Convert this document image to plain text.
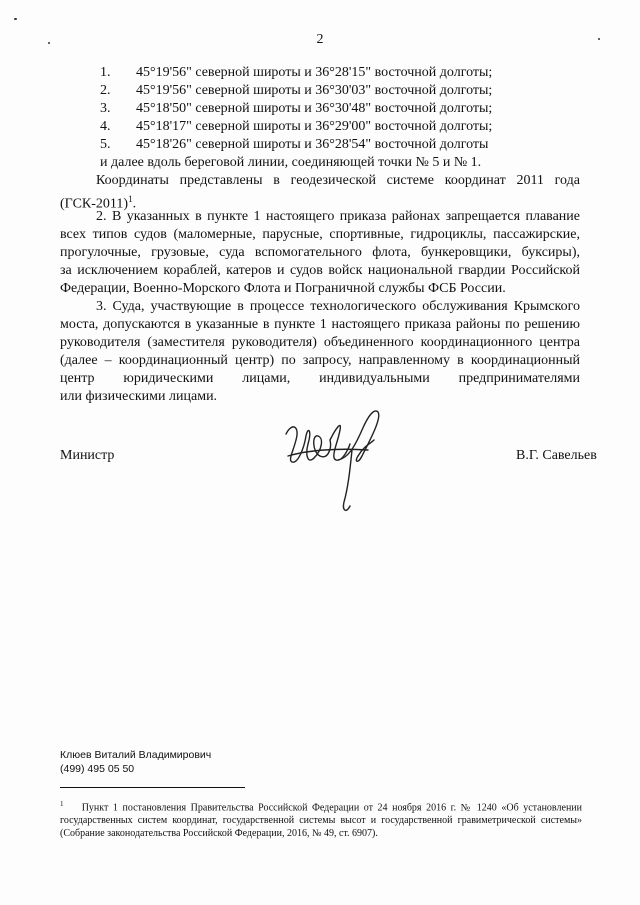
2
1.	45°19'56" северной широты и 36°28'15" восточной долготы;
2.	45°19'56" северной широты и 36°30'03" восточной долготы;
3.	45°18'50" северной широты и 36°30'48" восточной долготы;
4.	45°18'17" северной широты и 36°29'00" восточной долготы;
5.	45°18'26" северной широты и 36°28'54" восточной долготы
и далее вдоль береговой линии, соединяющей точки № 5 и № 1.
Координаты представлены в геодезической системе координат 2011 года
$(ГСК-2011)^1$.
2. В указанных в пункте 1 настоящего приказа районах запрещается плавание
всех типов судов (маломерные, парусные, спортивные, гидроциклы, пассажирские,
прогулочные, грузовые, суда вспомогательного флота, бункеровщики, буксиры),
за исключением кораблей, катеров и судов войск национальной гвардии Российской
Федерации, Военно-Морского Флота и Пограничной службы ФСБ России.
3. Суда, участвующие в процессе технологического обслуживания Крымского
моста, допускаются в указанные в пункте 1 настоящего приказа районы по решению
руководителя (заместителя руководителя) объединенного координационного центра
(далее – координационный центр) по запросу, направленному в координационный
центр юридическими лицами, индивидуальными предпринимателями
или физическими лицами.
Министр	В.Г. Савельев
Клюев Виталий Владимирович
(499) 495 05 50
$^1$ Пункт 1 постановления Правительства Российской Федерации от 24 ноября 2016 г. № 1240 «Об установлении государственных систем координат, государственной системы высот и государственной гравиметрической системы» (Собрание законодательства Российской Федерации, 2016, № 49, ст. 6907).
